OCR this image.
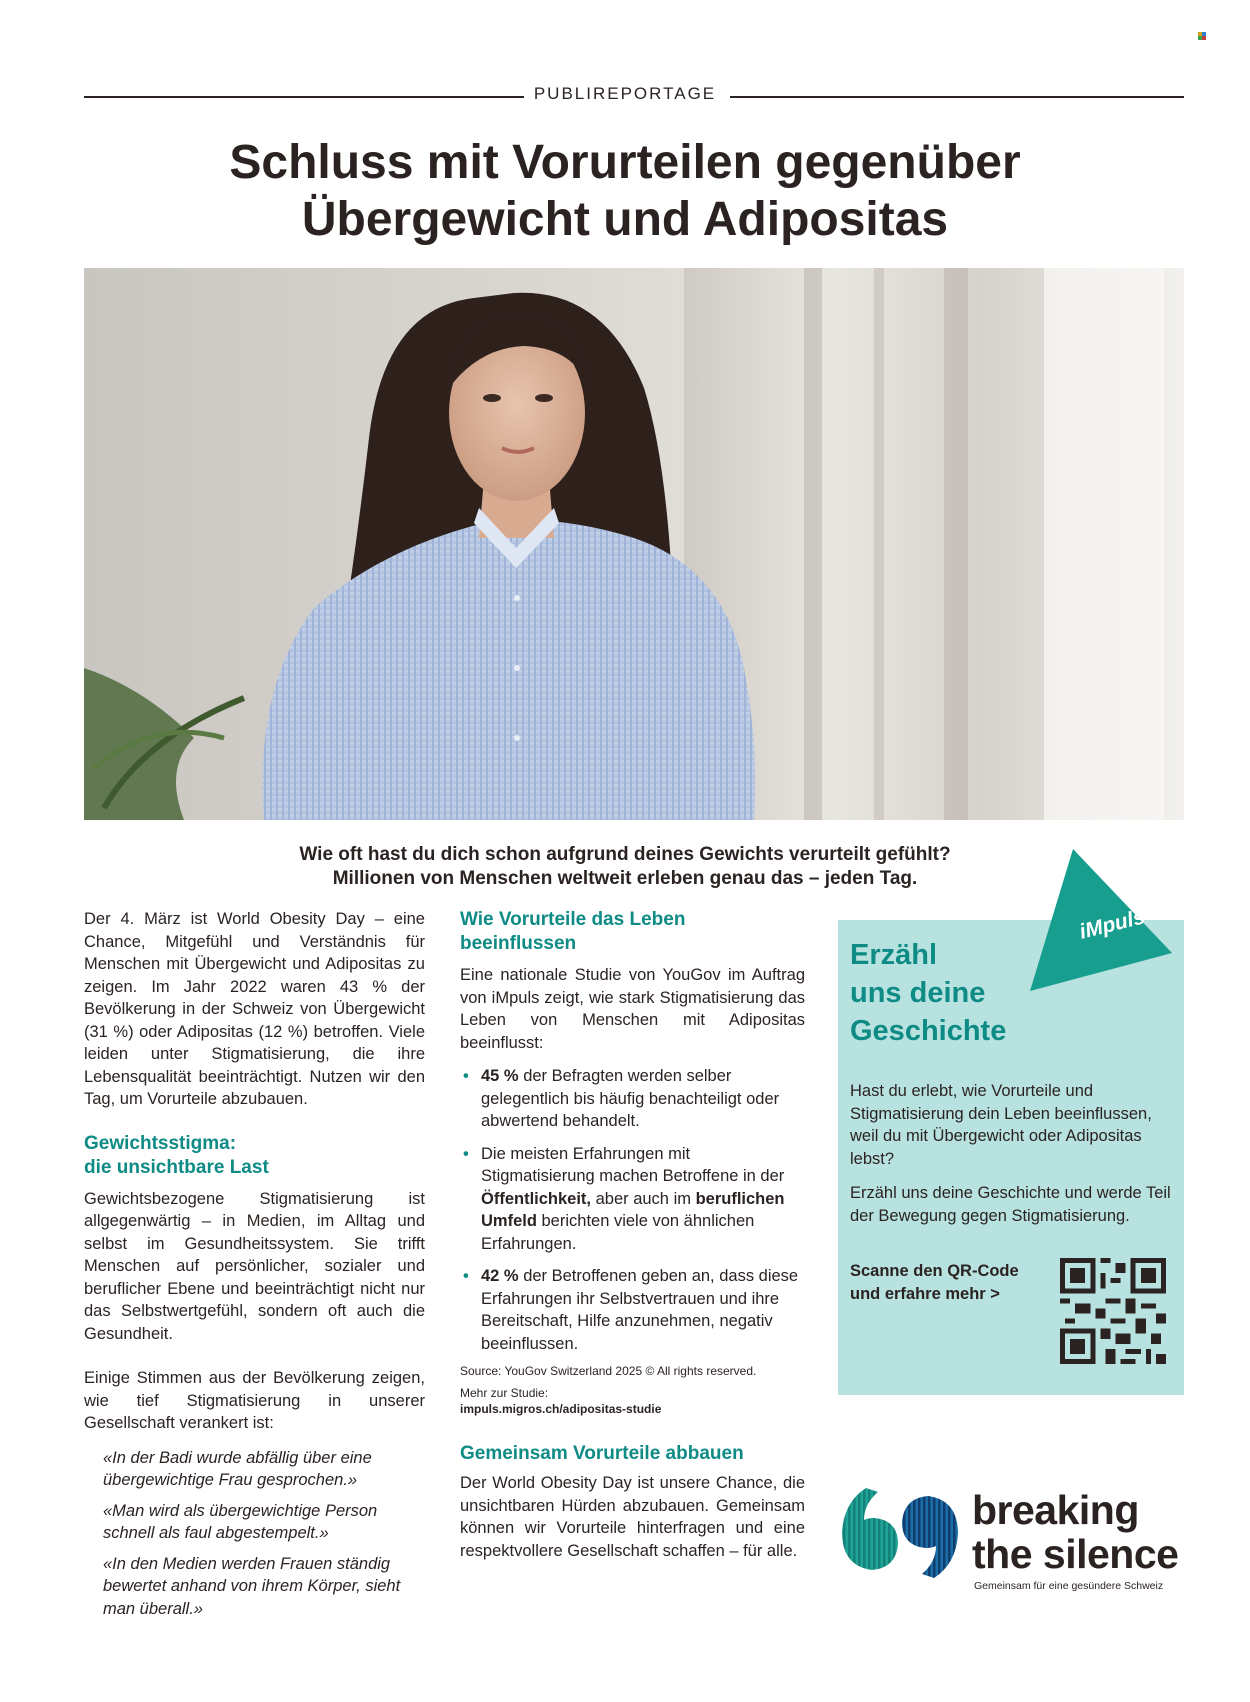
PUBLIREPORTAGE
Schluss mit Vorurteilen gegenüber
Übergewicht und Adipositas
Wie oft hast du dich schon aufgrund deines Gewichts verurteilt gefühlt?
Millionen von Menschen weltweit erleben genau das – jeden Tag.
Der 4. März ist World Obesity Day – eine Chance, Mitgefühl und Verständnis für Menschen mit Übergewicht und Adipositas zu zeigen. Im Jahr 2022 waren 43 % der Bevölkerung in der Schweiz von Übergewicht (31 %) oder Adipositas (12 %) betroffen. Viele leiden unter Stigmatisierung, die ihre Lebensqualität beeinträchtigt. Nutzen wir den Tag, um Vorurteile abzubauen.
Gewichtsstigma:
die unsichtbare Last
Gewichtsbezogene Stigmatisierung ist allgegenwärtig – in Medien, im Alltag und selbst im Gesundheitssystem. Sie trifft Menschen auf persönlicher, sozialer und beruflicher Ebene und beeinträchtigt nicht nur das Selbstwertgefühl, sondern oft auch die Gesundheit.
Einige Stimmen aus der Bevölkerung zeigen, wie tief Stigmatisierung in unserer Gesellschaft verankert ist:

«In der Badi wurde abfällig über eine übergewichtige Frau gesprochen.»

«Man wird als übergewichtige Person schnell als faul abgestempelt.»

«In den Medien werden Frauen ständig bewertet anhand von ihrem Körper, sieht man überall.»

Wie Vorurteile das Leben
beeinflussen
Eine nationale Studie von YouGov im Auftrag von iMpuls zeigt, wie stark Stigmatisierung das Leben von Menschen mit Adipositas beeinflusst:
• 45 % der Befragten werden selber gelegentlich bis häufig benachteiligt oder abwertend behandelt.
• Die meisten Erfahrungen mit Stigmatisierung machen Betroffene in der Öffentlichkeit, aber auch im beruflichen Umfeld berichten viele von ähnlichen Erfahrungen.
• 42 % der Betroffenen geben an, dass diese Erfahrungen ihr Selbstvertrauen und ihre Bereitschaft, Hilfe anzunehmen, negativ beeinflussen.
Source: YouGov Switzerland 2025 © All rights reserved.
Mehr zur Studie:
impuls.migros.ch/adipositas-studie
Gemeinsam Vorurteile abbauen
Der World Obesity Day ist unsere Chance, die unsichtbaren Hürden abzubauen. Gemeinsam können wir Vorurteile hinterfragen und eine respektvollere Gesellschaft schaffen – für alle.
Erzähl
uns deine
Geschichte
Hast du erlebt, wie Vorurteile und Stigmatisierung dein Leben beeinflussen, weil du mit Übergewicht oder Adipositas lebst?
Erzähl uns deine Geschichte und werde Teil der Bewegung gegen Stigmatisierung.
Scanne den QR-Code und erfahre mehr >
iMpuls
breaking
the silence
Gemeinsam für eine gesündere Schweiz
